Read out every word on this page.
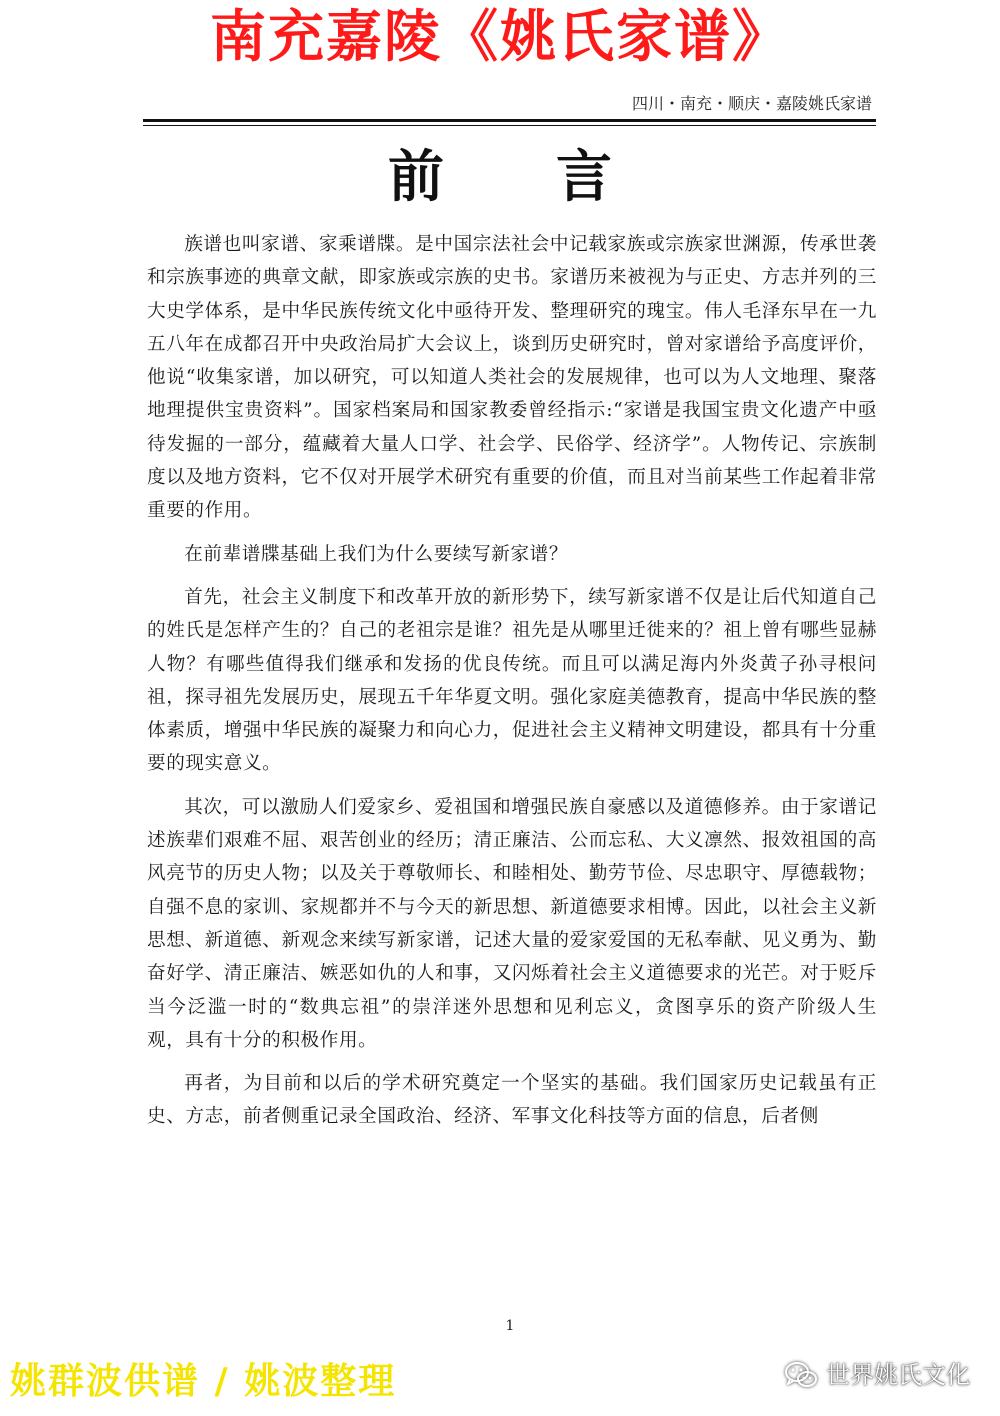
南充嘉陵《姚氏家谱》
四川・南充・顺庆・嘉陵姚氏家谱
前　　言

族谱也叫家谱、家乘谱牒。是中国宗法社会中记载家族或宗族家世渊源，传承世袭和宗族事迹的典章文献，即家族或宗族的史书。家谱历来被视为与正史、方志并列的三大史学体系，是中华民族传统文化中亟待开发、整理研究的瑰宝。伟人毛泽东早在一九五八年在成都召开中央政治局扩大会议上，谈到历史研究时，曾对家谱给予高度评价，他说“收集家谱，加以研究，可以知道人类社会的发展规律，也可以为人文地理、聚落地理提供宝贵资料”。国家档案局和国家教委曾经指示:“家谱是我国宝贵文化遗产中亟待发掘的一部分，蕴藏着大量人口学、社会学、民俗学、经济学”。人物传记、宗族制度以及地方资料，它不仅对开展学术研究有重要的价值，而且对当前某些工作起着非常重要的作用。

在前辈谱牒基础上我们为什么要续写新家谱？

首先，社会主义制度下和改革开放的新形势下，续写新家谱不仅是让后代知道自己的姓氏是怎样产生的？自己的老祖宗是谁？祖先是从哪里迁徙来的？祖上曾有哪些显赫人物？有哪些值得我们继承和发扬的优良传统。而且可以满足海内外炎黄子孙寻根问祖，探寻祖先发展历史，展现五千年华夏文明。强化家庭美德教育，提高中华民族的整体素质，增强中华民族的凝聚力和向心力，促进社会主义精神文明建设，都具有十分重要的现实意义。

其次，可以激励人们爱家乡、爱祖国和增强民族自豪感以及道德修养。由于家谱记述族辈们艰难不屈、艰苦创业的经历；清正廉洁、公而忘私、大义凛然、报效祖国的高风亮节的历史人物；以及关于尊敬师长、和睦相处、勤劳节俭、尽忠职守、厚德载物；自强不息的家训、家规都并不与今天的新思想、新道德要求相博。因此，以社会主义新思想、新道德、新观念来续写新家谱，记述大量的爱家爱国的无私奉献、见义勇为、勤奋好学、清正廉洁、嫉恶如仇的人和事，又闪烁着社会主义道德要求的光芒。对于贬斥当今泛滥一时的“数典忘祖”的崇洋迷外思想和见利忘义，贪图享乐的资产阶级人生观，具有十分的积极作用。

再者，为目前和以后的学术研究奠定一个坚实的基础。我们国家历史记载虽有正史、方志，前者侧重记录全国政治、经济、军事文化科技等方面的信息，后者侧

1
姚群波供谱 / 姚波整理	世界姚氏文化
